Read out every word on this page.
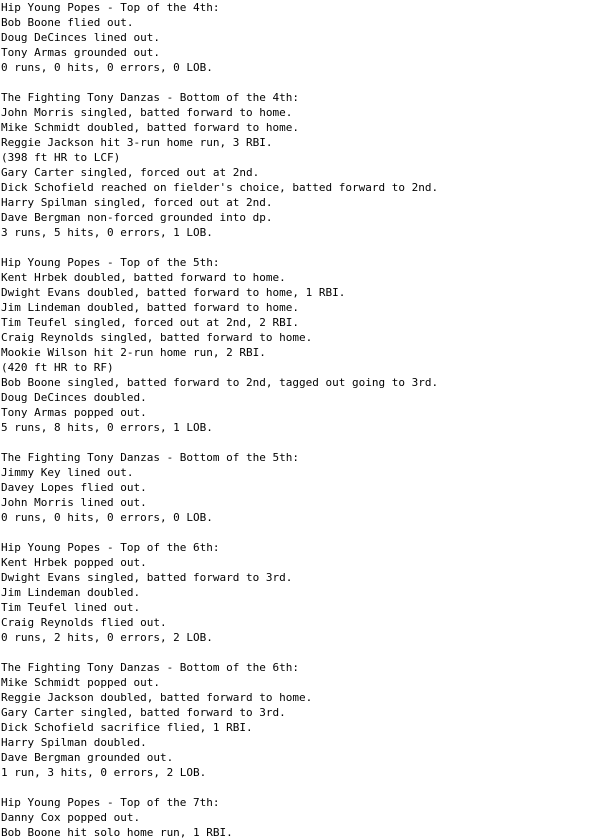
Hip Young Popes - Top of the 4th:
Bob Boone flied out.
Doug DeCinces lined out.
Tony Armas grounded out.
0 runs, 0 hits, 0 errors, 0 LOB.
The Fighting Tony Danzas - Bottom of the 4th:
John Morris singled, batted forward to home.
Mike Schmidt doubled, batted forward to home.
Reggie Jackson hit 3-run home run, 3 RBI.
(398 ft HR to LCF)
Gary Carter singled, forced out at 2nd.
Dick Schofield reached on fielder's choice, batted forward to 2nd.
Harry Spilman singled, forced out at 2nd.
Dave Bergman non-forced grounded into dp.
3 runs, 5 hits, 0 errors, 1 LOB.
Hip Young Popes - Top of the 5th:
Kent Hrbek doubled, batted forward to home.
Dwight Evans doubled, batted forward to home, 1 RBI.
Jim Lindeman doubled, batted forward to home.
Tim Teufel singled, forced out at 2nd, 2 RBI.
Craig Reynolds singled, batted forward to home.
Mookie Wilson hit 2-run home run, 2 RBI.
(420 ft HR to RF)
Bob Boone singled, batted forward to 2nd, tagged out going to 3rd.
Doug DeCinces doubled.
Tony Armas popped out.
5 runs, 8 hits, 0 errors, 1 LOB.
The Fighting Tony Danzas - Bottom of the 5th:
Jimmy Key lined out.
Davey Lopes flied out.
John Morris lined out.
0 runs, 0 hits, 0 errors, 0 LOB.
Hip Young Popes - Top of the 6th:
Kent Hrbek popped out.
Dwight Evans singled, batted forward to 3rd.
Jim Lindeman doubled.
Tim Teufel lined out.
Craig Reynolds flied out.
0 runs, 2 hits, 0 errors, 2 LOB.
The Fighting Tony Danzas - Bottom of the 6th:
Mike Schmidt popped out.
Reggie Jackson doubled, batted forward to home.
Gary Carter singled, batted forward to 3rd.
Dick Schofield sacrifice flied, 1 RBI.
Harry Spilman doubled.
Dave Bergman grounded out.
1 run, 3 hits, 0 errors, 2 LOB.
Hip Young Popes - Top of the 7th:
Danny Cox popped out.
Bob Boone hit solo home run, 1 RBI.
